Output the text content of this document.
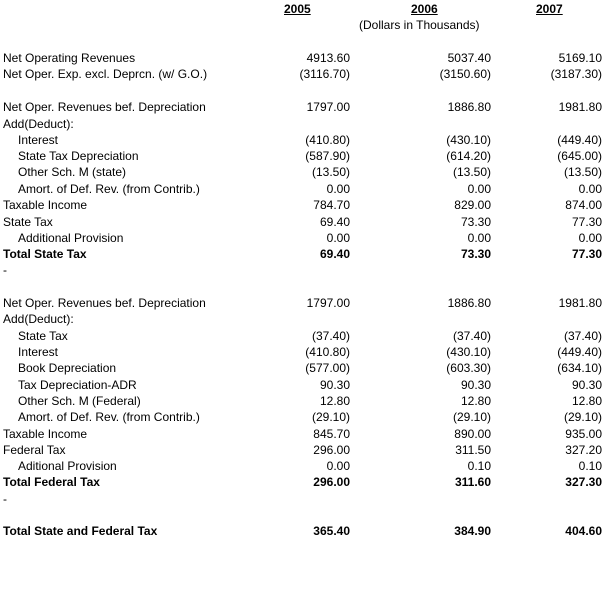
2005	2006	2007
(Dollars in Thousands)
Net Operating Revenues	4913.60	5037.40	5169.10
Net Oper. Exp. excl. Deprcn. (w/ G.O.)	(3116.70)	(3150.60)	(3187.30)
Net Oper. Revenues bef. Depreciation	1797.00	1886.80	1981.80
Add(Deduct):
Interest	(410.80)	(430.10)	(449.40)
State Tax Depreciation	(587.90)	(614.20)	(645.00)
Other Sch. M (state)	(13.50)	(13.50)	(13.50)
Amort. of Def. Rev. (from Contrib.)	0.00	0.00	0.00
Taxable Income	784.70	829.00	874.00
State Tax	69.40	73.30	77.30
Additional Provision	0.00	0.00	0.00
Total State Tax	69.40	73.30	77.30
-
Net Oper. Revenues bef. Depreciation	1797.00	1886.80	1981.80
Add(Deduct):
State Tax	(37.40)	(37.40)	(37.40)
Interest	(410.80)	(430.10)	(449.40)
Book Depreciation	(577.00)	(603.30)	(634.10)
Tax Depreciation-ADR	90.30	90.30	90.30
Other Sch. M (Federal)	12.80	12.80	12.80
Amort. of Def. Rev. (from Contrib.)	(29.10)	(29.10)	(29.10)
Taxable Income	845.70	890.00	935.00
Federal Tax	296.00	311.50	327.20
Aditional Provision	0.00	0.10	0.10
Total Federal Tax	296.00	311.60	327.30
-
Total State and Federal Tax	365.40	384.90	404.60
